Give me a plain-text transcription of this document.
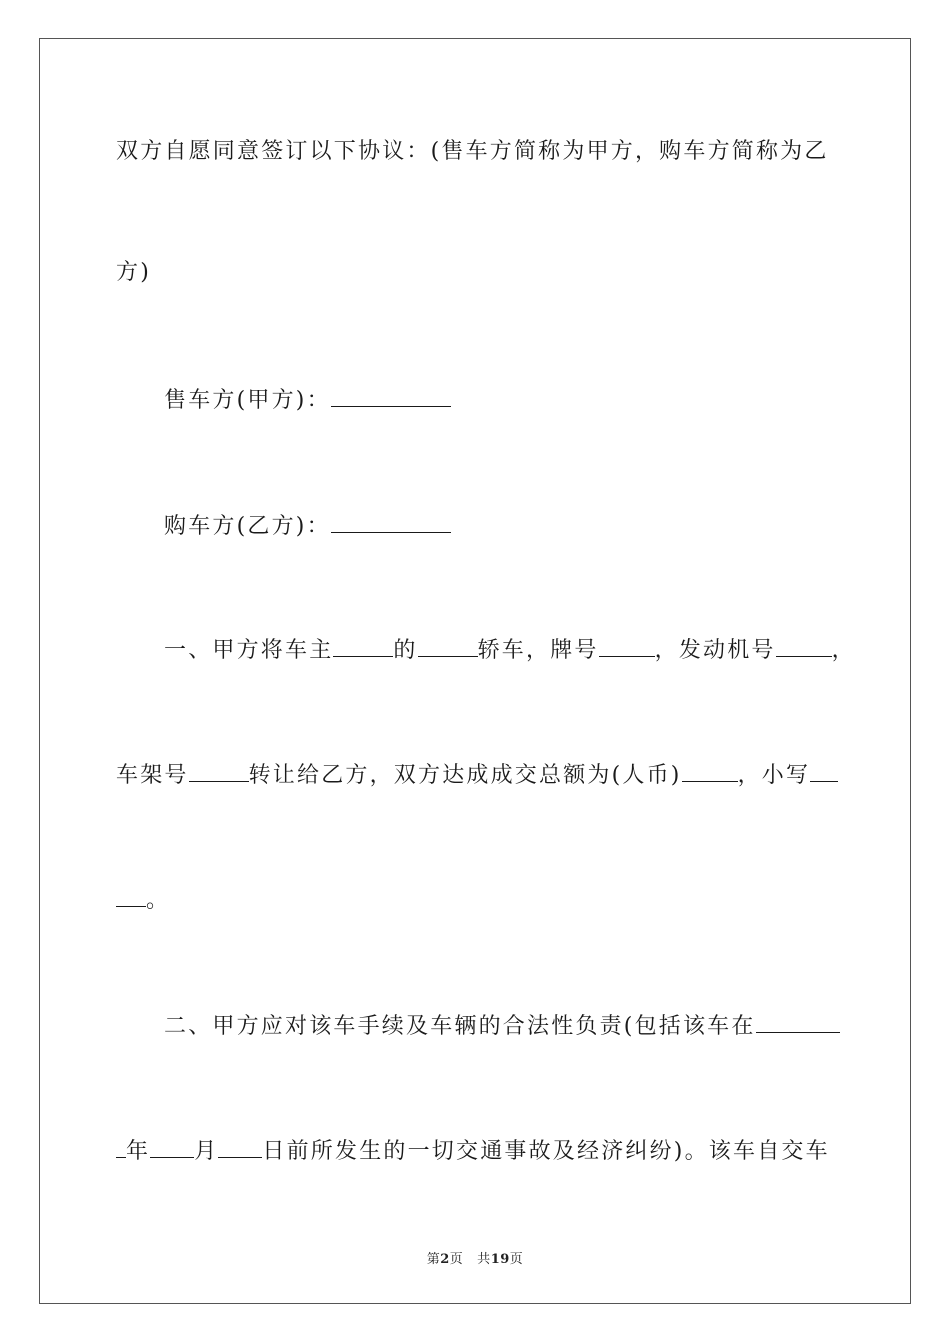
双方自愿同意签订以下协议：(售车方简称为甲方，购车方简称为乙
方)
售车方(甲方)：
购车方(乙方)：
一、甲方将车主	的	轿车，牌号	，发动机号	，
车架号	转让给乙方，双方达成成交总额为(人币)	，小写
。
二、甲方应对该车手续及车辆的合法性负责(包括该车在
年 月 日前所发生的一切交通事故及经济纠纷)。该车自交车
第2页 共19页
